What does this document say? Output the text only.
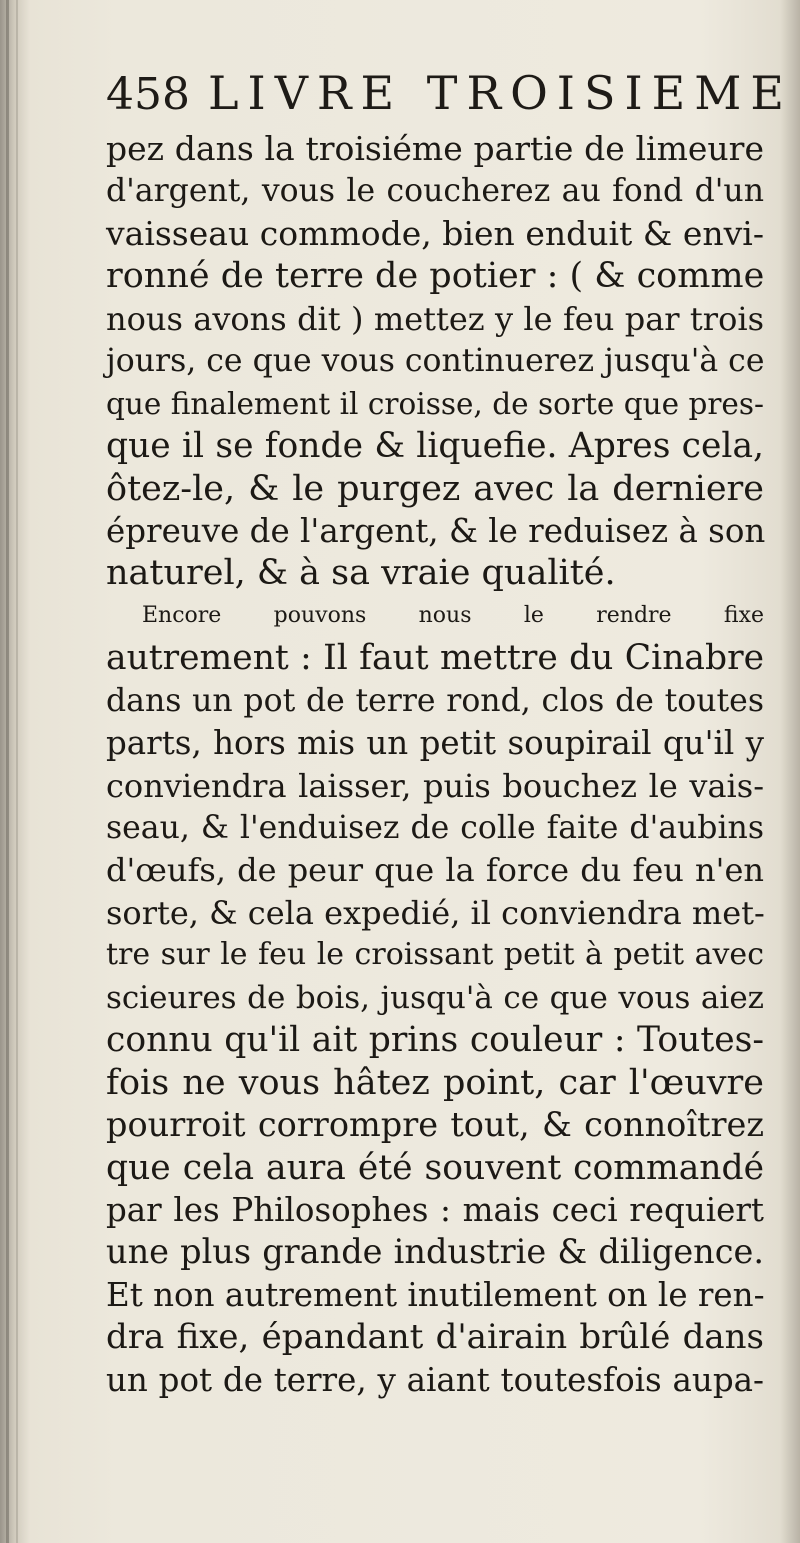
458 LIVRE TROISIEME
pez dans la troisiéme partie de limeure
d'argent, vous le coucherez au fond d'un
vaisseau commode, bien enduit & envi-
ronné de terre de potier : ( & comme
nous avons dit ) mettez y le feu par trois
jours, ce que vous continuerez jusqu'à ce
que finalement il croisse, de sorte que pres-
que il se fonde & liquefie. Apres cela,
ôtez-le, & le purgez avec la derniere
épreuve de l'argent, & le reduisez à son
naturel, & à sa vraie qualité.
Encore pouvons nous le rendre fixe
autrement : Il faut mettre du Cinabre
dans un pot de terre rond, clos de toutes
parts, hors mis un petit soupirail qu'il y
conviendra laisser, puis bouchez le vais-
seau, & l'enduisez de colle faite d'aubins
d'œufs, de peur que la force du feu n'en
sorte, & cela expedié, il conviendra met-
tre sur le feu le croissant petit à petit avec
scieures de bois, jusqu'à ce que vous aiez
connu qu'il ait prins couleur : Toutes-
fois ne vous hâtez point, car l'œuvre
pourroit corrompre tout, & connoîtrez
que cela aura été souvent commandé
par les Philosophes : mais ceci requiert
une plus grande industrie & diligence.
Et non autrement inutilement on le ren-
dra fixe, épandant d'airain brûlé dans
un pot de terre, y aiant toutesfois aupa-
